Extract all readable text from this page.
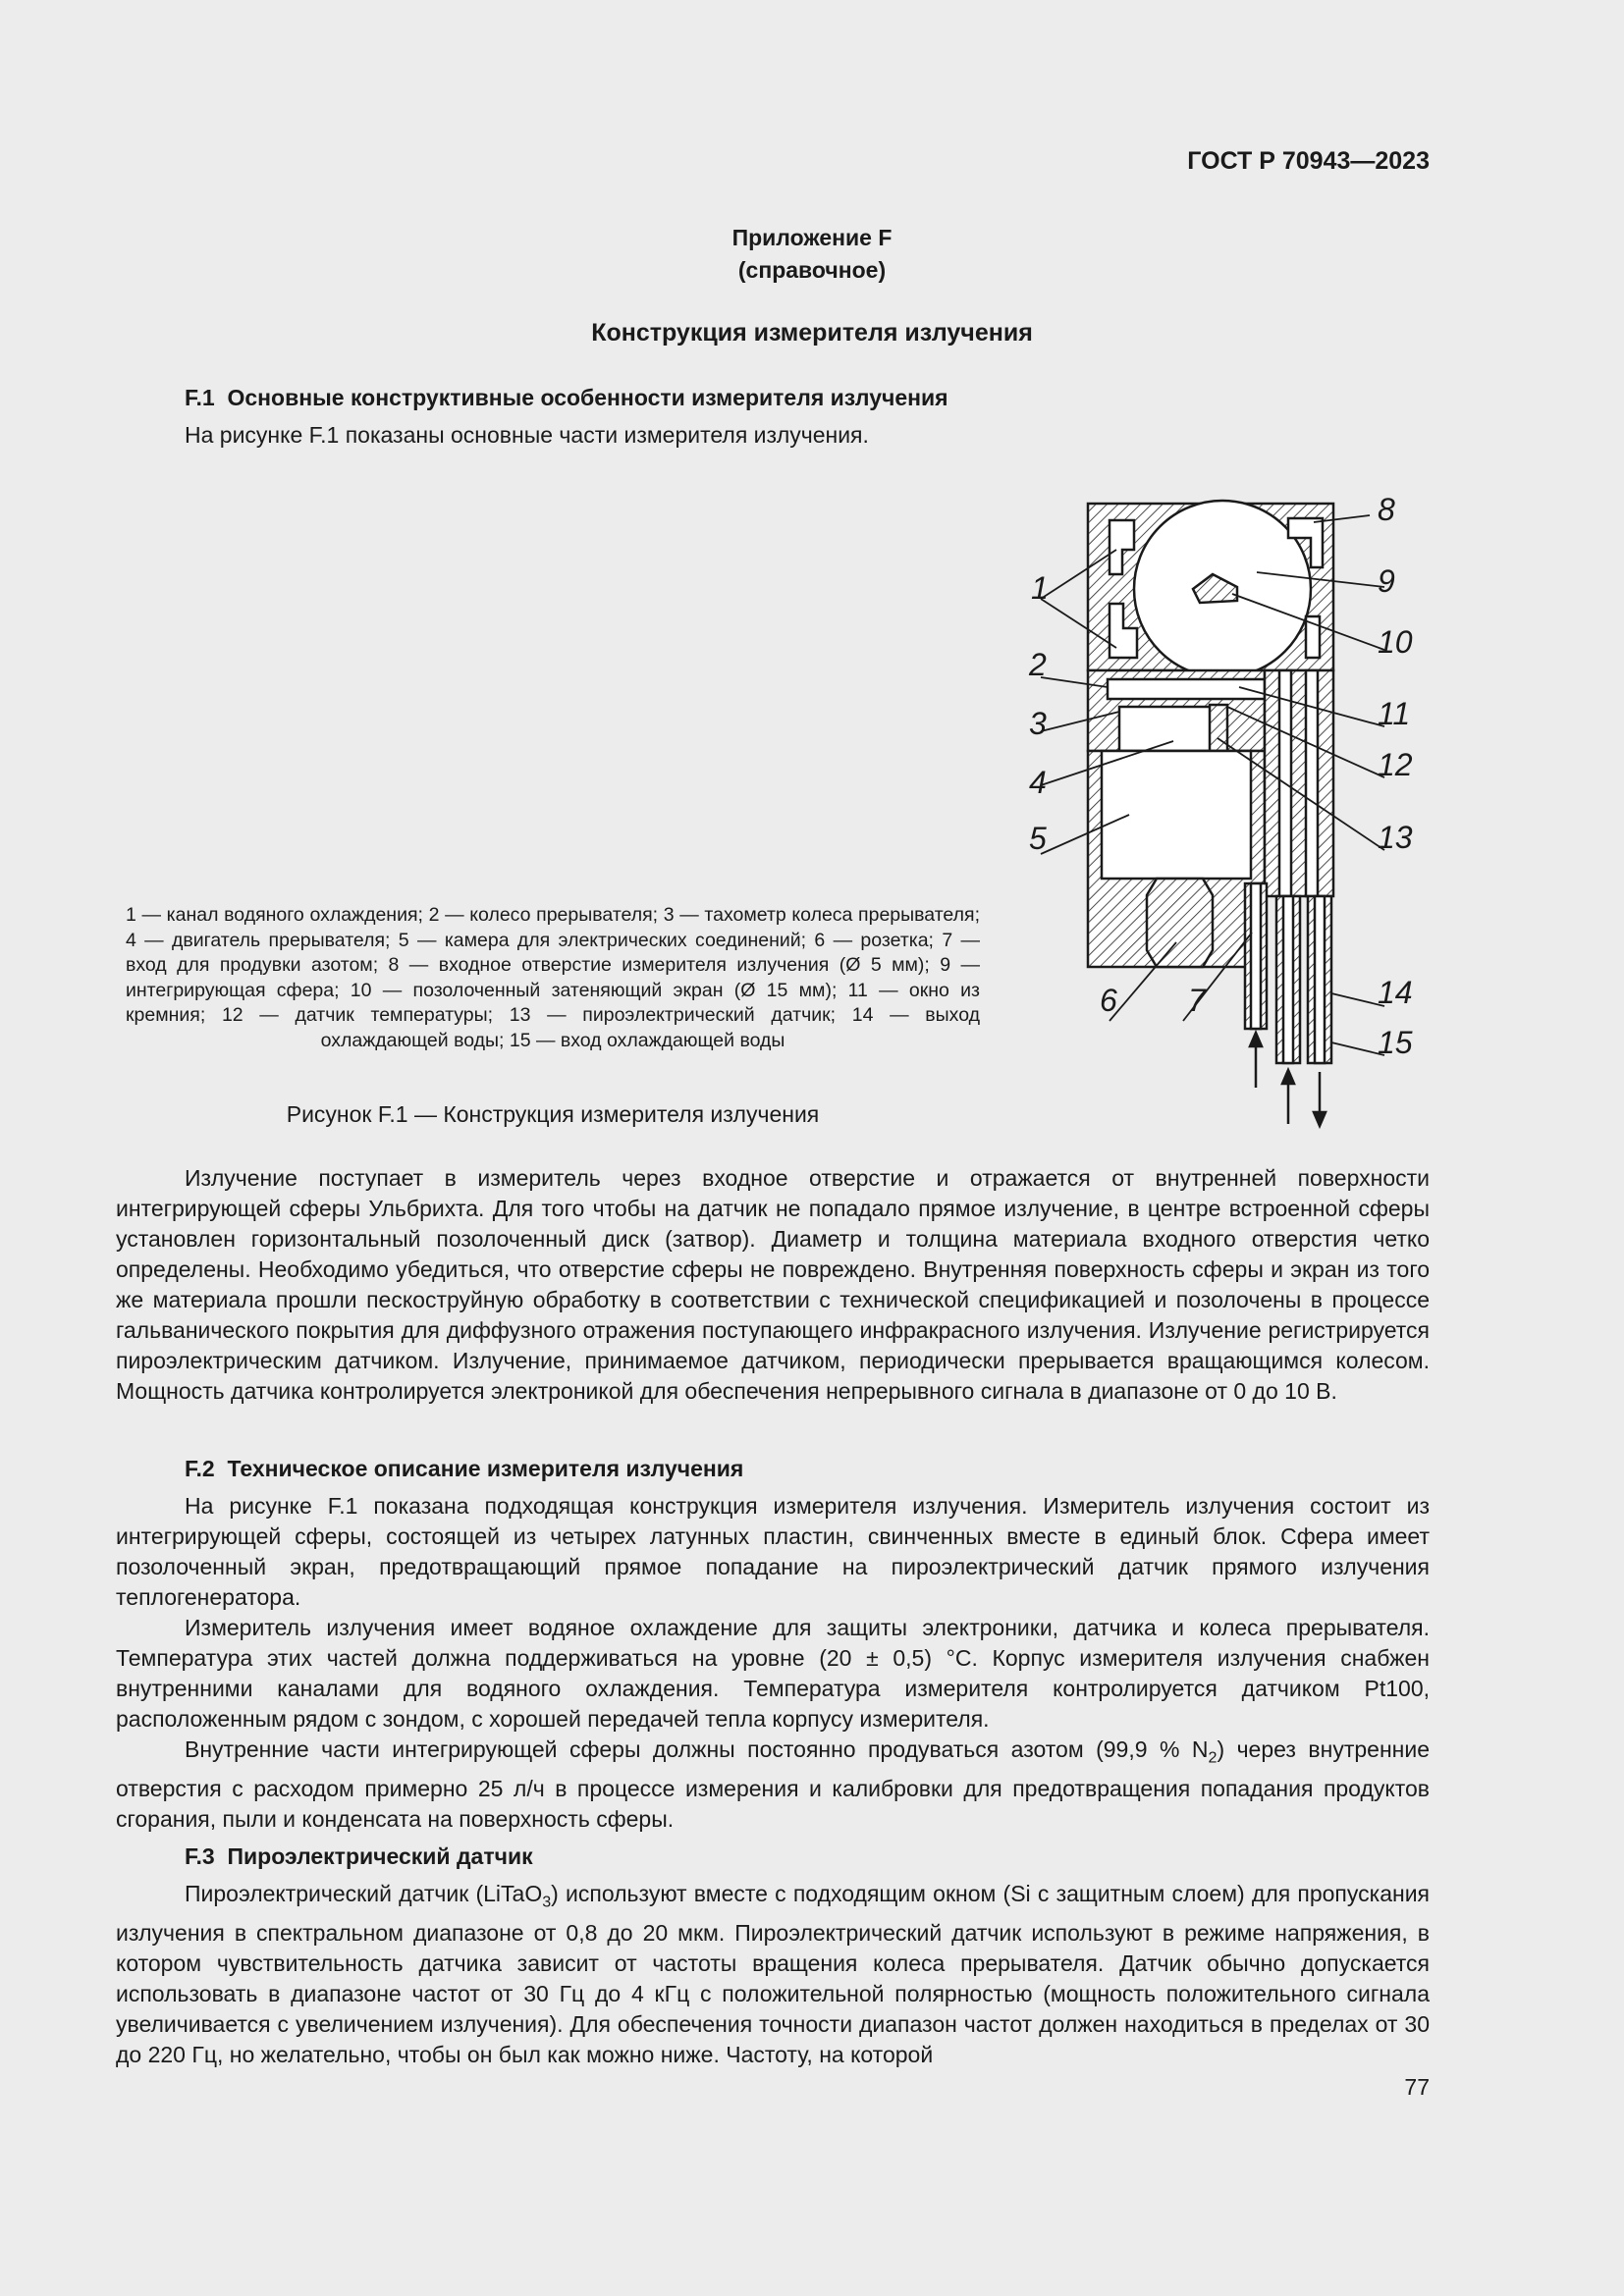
ГОСТ Р 70943—2023
Приложение F
(справочное)
Конструкция измерителя излучения
F.1 Основные конструктивные особенности измерителя излучения
На рисунке F.1 показаны основные части измерителя излучения.
1
2
3
4
5
6 7
8
9
10
11
12
13
14
15
1 — канал водяного охлаждения; 2 — колесо прерывателя; 3 — тахометр колеса прерывателя; 4 — двигатель прерывателя; 5 — камера для электрических соединений; 6 — розетка; 7 — вход для продувки азотом; 8 — входное отверстие измерителя излучения (Ø 5 мм); 9 — интегрирующая сфера; 10 — позолоченный затеняющий экран (Ø 15 мм); 11 — окно из кремния; 12 — датчик температуры; 13 — пироэлектрический датчик; 14 — выход охлаждающей воды; 15 — вход охлаждающей воды
Рисунок F.1 — Конструкция измерителя излучения
Излучение поступает в измеритель через входное отверстие и отражается от внутренней поверхности интегрирующей сферы Ульбрихта. Для того чтобы на датчик не попадало прямое излучение, в центре встроенной сферы установлен горизонтальный позолоченный диск (затвор). Диаметр и толщина материала входного отверстия четко определены. Необходимо убедиться, что отверстие сферы не повреждено. Внутренняя поверхность сферы и экран из того же материала прошли пескоструйную обработку в соответствии с технической спецификацией и позолочены в процессе гальванического покрытия для диффузного отражения поступающего инфракрасного излучения. Излучение регистрируется пироэлектрическим датчиком. Излучение, принимаемое датчиком, периодически прерывается вращающимся колесом. Мощность датчика контролируется электроникой для обеспечения непрерывного сигнала в диапазоне от 0 до 10 В.
F.2 Техническое описание измерителя излучения
На рисунке F.1 показана подходящая конструкция измерителя излучения. Измеритель излучения состоит из интегрирующей сферы, состоящей из четырех латунных пластин, свинченных вместе в единый блок. Сфера имеет позолоченный экран, предотвращающий прямое попадание на пироэлектрический датчик прямого излучения теплогенератора.
Измеритель излучения имеет водяное охлаждение для защиты электроники, датчика и колеса прерывателя. Температура этих частей должна поддерживаться на уровне (20 ± 0,5) °С. Корпус измерителя излучения снабжен внутренними каналами для водяного охлаждения. Температура измерителя контролируется датчиком Pt100, расположенным рядом с зондом, с хорошей передачей тепла корпусу измерителя.
Внутренние части интегрирующей сферы должны постоянно продуваться азотом (99,9 % $N_2$) через внутренние отверстия с расходом примерно 25 л/ч в процессе измерения и калибровки для предотвращения попадания продуктов сгорания, пыли и конденсата на поверхность сферы.
F.3 Пироэлектрический датчик
Пироэлектрический датчик (LiTaO$_3$) используют вместе с подходящим окном (Si с защитным слоем) для пропускания излучения в спектральном диапазоне от 0,8 до 20 мкм. Пироэлектрический датчик используют в режиме напряжения, в котором чувствительность датчика зависит от частоты вращения колеса прерывателя. Датчик обычно допускается использовать в диапазоне частот от 30 Гц до 4 кГц с положительной полярностью (мощность положительного сигнала увеличивается с увеличением излучения). Для обеспечения точности диапазон частот должен находиться в пределах от 30 до 220 Гц, но желательно, чтобы он был как можно ниже. Частоту, на которой
77
